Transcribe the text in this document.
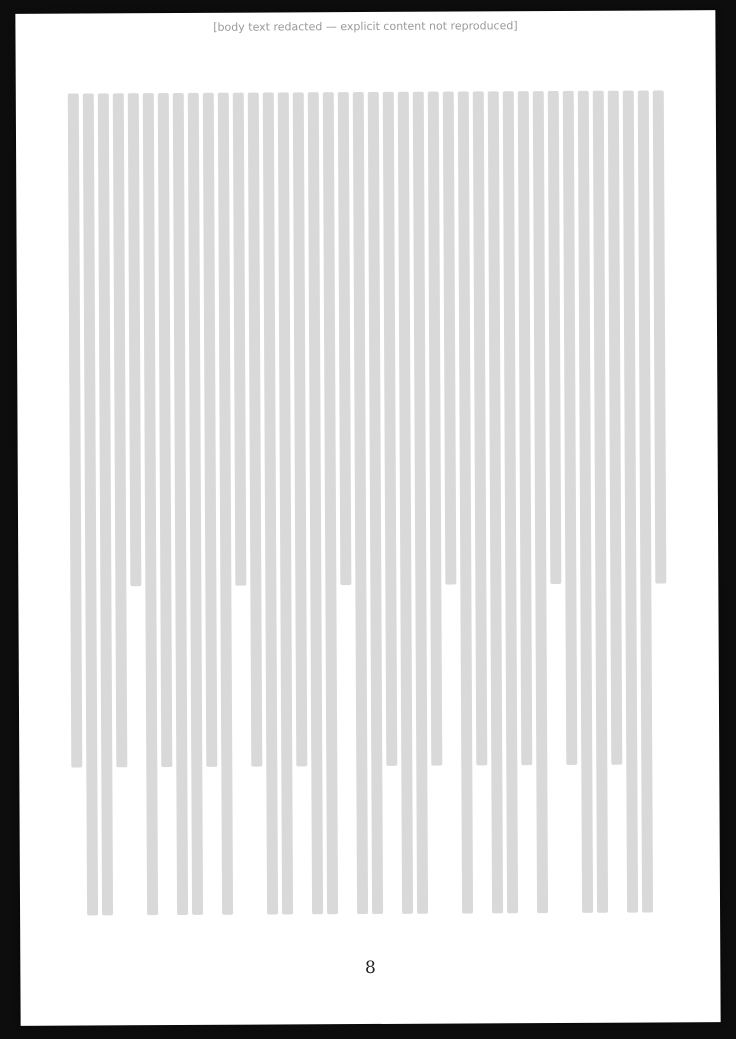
[body text redacted — explicit content not reproduced]
8
